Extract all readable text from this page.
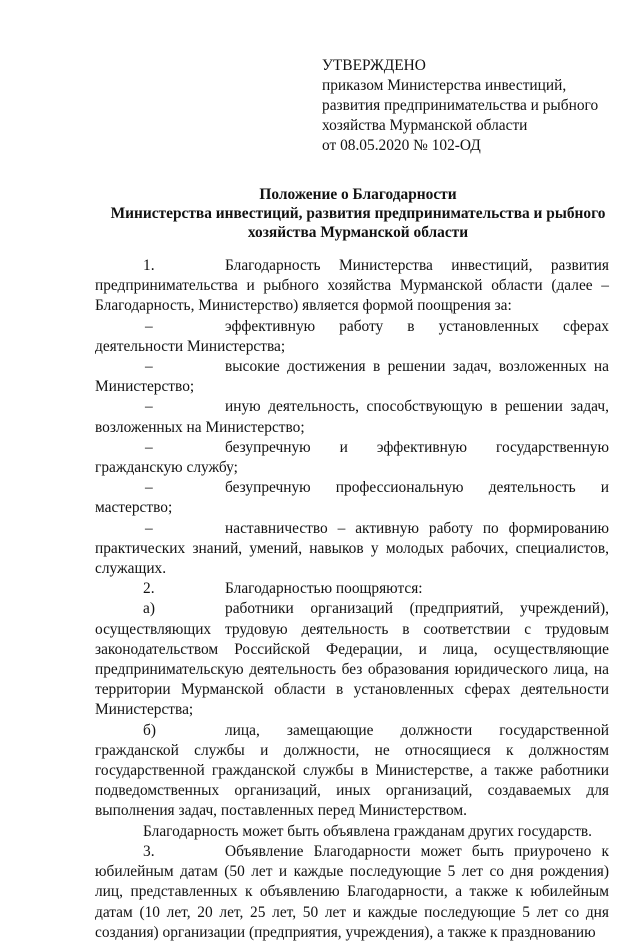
УТВЕРЖДЕНО
приказом Министерства инвестиций,
развития предпринимательства и рыбного
хозяйства Мурманской области
от 08.05.2020 № 102-ОД
Положение о Благодарности
Министерства инвестиций, развития предпринимательства и рыбного
хозяйства Мурманской области

1.	Благодарность Министерства инвестиций, развития предпринимательства и рыбного хозяйства Мурманской области (далее – Благодарность, Министерство) является формой поощрения за:

–	эффективную работу в установленных сферах деятельности Министерства;

–	высокие достижения в решении задач, возложенных на Министерство;

–	иную деятельность, способствующую в решении задач, возложенных на Министерство;

–	безупречную и эффективную государственную гражданскую службу;

–	безупречную профессиональную деятельность и мастерство;

–	наставничество – активную работу по формированию практических знаний, умений, навыков у молодых рабочих, специалистов, служащих.

2.	Благодарностью поощряются:

а)	работники организаций (предприятий, учреждений), осуществляющих трудовую деятельность в соответствии с трудовым законодательством Российской Федерации, и лица, осуществляющие предпринимательскую деятельность без образования юридического лица, на территории Мурманской области в установленных сферах деятельности Министерства;

б)	лица, замещающие должности государственной гражданской службы и должности, не относящиеся к должностям государственной гражданской службы в Министерстве, а также работники подведомственных организаций, иных организаций, создаваемых для выполнения задач, поставленных перед Министерством.

Благодарность может быть объявлена гражданам других государств.

3.	Объявление Благодарности может быть приурочено к юбилейным датам (50 лет и каждые последующие 5 лет со дня рождения) лиц, представленных к объявлению Благодарности, а также к юбилейным датам (10 лет, 20 лет, 25 лет, 50 лет и каждые последующие 5 лет со дня создания) организации (предприятия, учреждения), а также к празднованию
